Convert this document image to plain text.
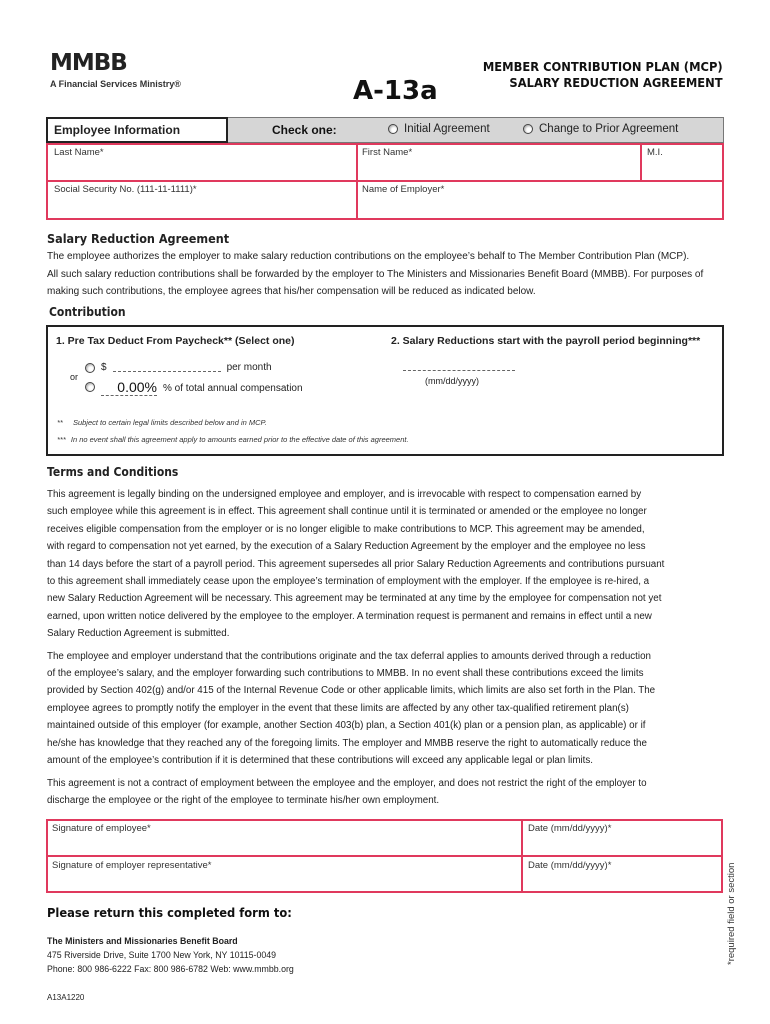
MMBB
A Financial Services Ministry®	A-13a
MEMBER CONTRIBUTION PLAN (MCP)
SALARY REDUCTION AGREEMENT
Employee Information	Check one:	Initial Agreement	Change to Prior Agreement
Last Name*	First Name*	M.I.
Social Security No. (111-11-1111)*	Name of Employer*
Salary Reduction Agreement
The employee authorizes the employer to make salary reduction contributions on the employee’s behalf to The Member Contribution Plan (MCP).
All such salary reduction contributions shall be forwarded by the employer to The Ministers and Missionaries Benefit Board (MMBB). For purposes of
making such contributions, the employee agrees that his/her compensation will be reduced as indicated below.
Contribution
1. Pre Tax Deduct From Paycheck** (Select one)	2. Salary Reductions start with the payroll period beginning***
$	per month
or
0.00% % of total annual compensation
(mm/dd/yyyy)
** Subject to certain legal limits described below and in MCP.
*** In no event shall this agreement apply to amounts earned prior to the effective date of this agreement.
Terms and Conditions
This agreement is legally binding on the undersigned employee and employer, and is irrevocable with respect to compensation earned by
such employee while this agreement is in effect. This agreement shall continue until it is terminated or amended or the employee no longer
receives eligible compensation from the employer or is no longer eligible to make contributions to MCP. This agreement may be amended,
with regard to compensation not yet earned, by the execution of a Salary Reduction Agreement by the employer and the employee no less
than 14 days before the start of a payroll period. This agreement supersedes all prior Salary Reduction Agreements and contributions pursuant
to this agreement shall immediately cease upon the employee’s termination of employment with the employer. If the employee is re-hired, a
new Salary Reduction Agreement will be necessary. This agreement may be terminated at any time by the employee for compensation not yet
earned, upon written notice delivered by the employee to the employer. A termination request is permanent and remains in effect until a new
Salary Reduction Agreement is submitted.
The employee and employer understand that the contributions originate and the tax deferral applies to amounts derived through a reduction
of the employee’s salary, and the employer forwarding such contributions to MMBB. In no event shall these contributions exceed the limits
provided by Section 402(g) and/or 415 of the Internal Revenue Code or other applicable limits, which limits are also set forth in the Plan. The
employee agrees to promptly notify the employer in the event that these limits are affected by any other tax-qualified retirement plan(s)
maintained outside of this employer (for example, another Section 403(b) plan, a Section 401(k) plan or a pension plan, as applicable) or if
he/she has knowledge that they reached any of the foregoing limits. The employer and MMBB reserve the right to automatically reduce the
amount of the employee’s contribution if it is determined that these contributions will exceed any applicable legal or plan limits.
This agreement is not a contract of employment between the employee and the employer, and does not restrict the right of the employer to
discharge the employee or the right of the employee to terminate his/her own employment.
Signature of employee*	Date (mm/dd/yyyy)*
Signature of employer representative*	Date (mm/dd/yyyy)*	*required field or section
Please return this completed form to:
The Ministers and Missionaries Benefit Board
475 Riverside Drive, Suite 1700 New York, NY 10115-0049
Phone: 800 986-6222 Fax: 800 986-6782 Web: www.mmbb.org
A13A1220
